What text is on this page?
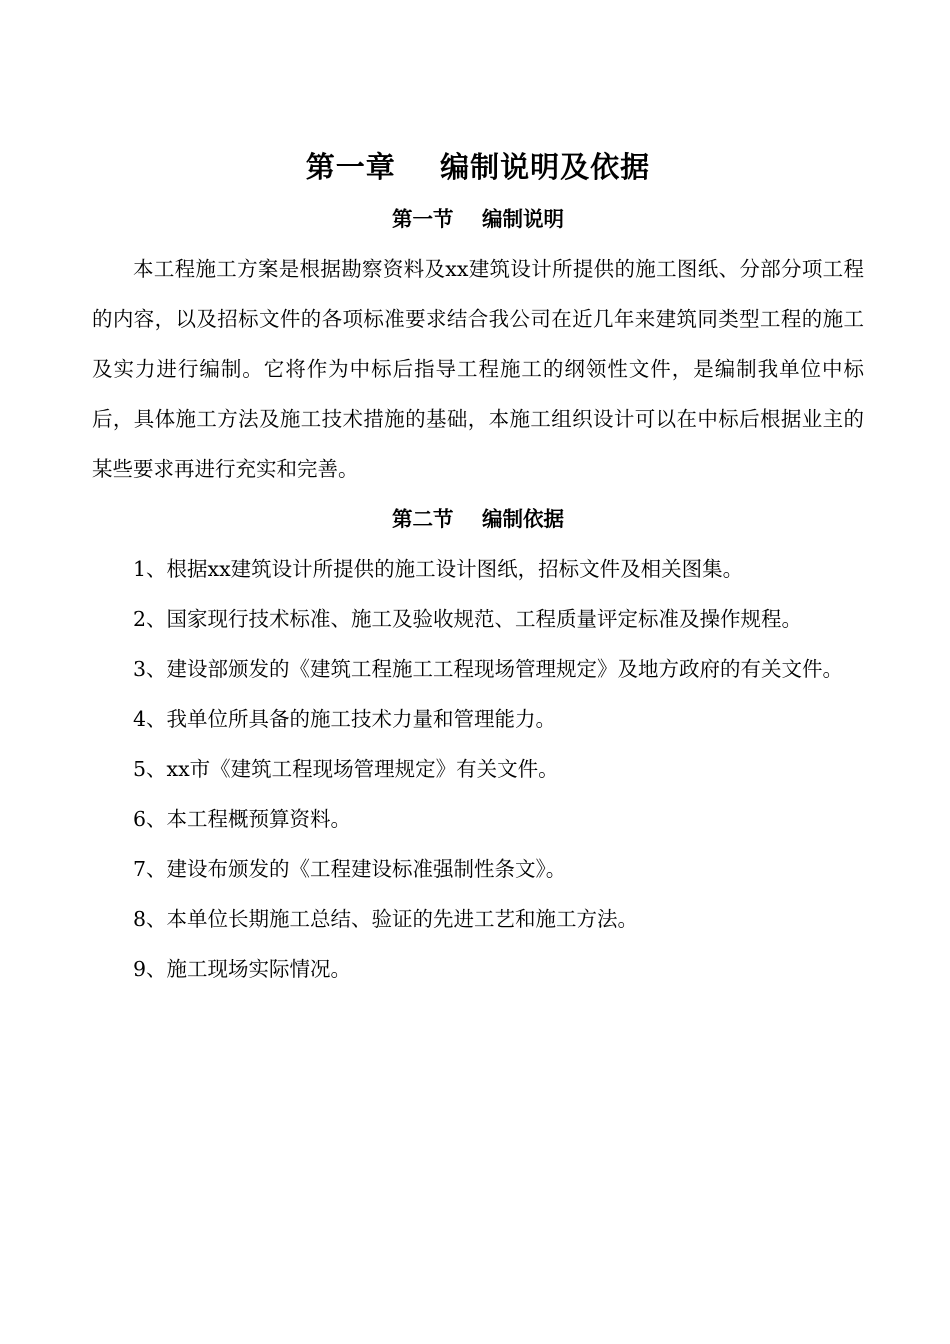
第一章    编制说明及依据
第一节    编制说明

本工程施工方案是根据勘察资料及xx建筑设计所提供的施工图纸、分部分项工程的内容，以及招标文件的各项标准要求结合我公司在近几年来建筑同类型工程的施工及实力进行编制。它将作为中标后指导工程施工的纲领性文件，是编制我单位中标后，具体施工方法及施工技术措施的基础，本施工组织设计可以在中标后根据业主的某些要求再进行充实和完善。

第二节    编制依据

1、根据xx建筑设计所提供的施工设计图纸，招标文件及相关图集。

2、国家现行技术标准、施工及验收规范、工程质量评定标准及操作规程。

3、建设部颁发的《建筑工程施工工程现场管理规定》及地方政府的有关文件。

4、我单位所具备的施工技术力量和管理能力。

5、xx市《建筑工程现场管理规定》有关文件。

6、本工程概预算资料。

7、建设布颁发的《工程建设标准强制性条文》。

8、本单位长期施工总结、验证的先进工艺和施工方法。

9、施工现场实际情况。
